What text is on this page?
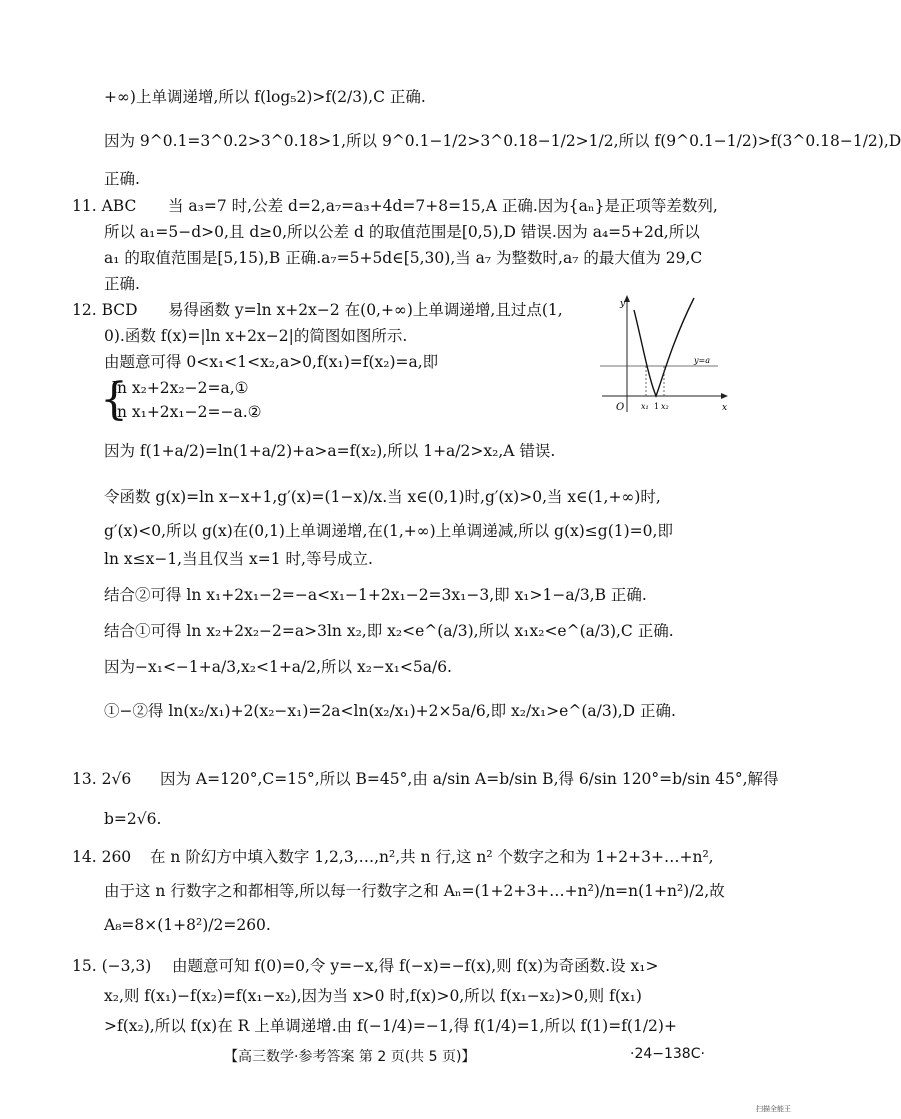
+∞)上单调递增,所以 f(log₅2)>f(2/3),C 正确.
因为 9^0.1=3^0.2>3^0.18>1,所以 9^0.1−1/2>3^0.18−1/2>1/2,所以 f(9^0.1−1/2)>f(3^0.18−1/2),D
正确.
11. ABC	当 a₃=7 时,公差 d=2,a₇=a₃+4d=7+8=15,A 正确.因为{aₙ}是正项等差数列,
所以 a₁=5−d>0,且 d≥0,所以公差 d 的取值范围是[0,5),D 错误.因为 a₄=5+2d,所以
a₁ 的取值范围是[5,15),B 正确.a₇=5+5d∈[5,30),当 a₇ 为整数时,a₇ 的最大值为 29,C
正确.
12. BCD	易得函数 y=ln x+2x−2 在(0,+∞)上单调递增,且过点(1,
0).函数 f(x)=|ln x+2x−2|的简图如图所示.
由题意可得 0<x₁<1<x₂,a>0,f(x₁)=f(x₂)=a,即
ln x₂+2x₂−2=a,①
ln x₁+2x₁−2=−a.②
{
因为 f(1+a/2)=ln(1+a/2)+a>a=f(x₂),所以 1+a/2>x₂,A 错误.
令函数 g(x)=ln x−x+1,g′(x)=(1−x)/x.当 x∈(0,1)时,g′(x)>0,当 x∈(1,+∞)时,
g′(x)<0,所以 g(x)在(0,1)上单调递增,在(1,+∞)上单调递减,所以 g(x)≤g(1)=0,即
ln x≤x−1,当且仅当 x=1 时,等号成立.
结合②可得 ln x₁+2x₁−2=−a<x₁−1+2x₁−2=3x₁−3,即 x₁>1−a/3,B 正确.
结合①可得 ln x₂+2x₂−2=a>3ln x₂,即 x₂<e^(a/3),所以 x₁x₂<e^(a/3),C 正确.
因为−x₁<−1+a/3,x₂<1+a/2,所以 x₂−x₁<5a/6.
①−②得 ln(x₂/x₁)+2(x₂−x₁)=2a<ln(x₂/x₁)+2×5a/6,即 x₂/x₁>e^(a/3),D 正确.
13. 2√6	因为 A=120°,C=15°,所以 B=45°,由 a/sin A=b/sin B,得 6/sin 120°=b/sin 45°,解得
b=2√6.
14. 260	在 n 阶幻方中填入数字 1,2,3,…,n²,共 n 行,这 n² 个数字之和为 1+2+3+…+n²,
由于这 n 行数字之和都相等,所以每一行数字之和 Aₙ=(1+2+3+…+n²)/n=n(1+n²)/2,故
A₈=8×(1+8²)/2=260.
15. (−3,3)	由题意可知 f(0)=0,令 y=−x,得 f(−x)=−f(x),则 f(x)为奇函数.设 x₁>
x₂,则 f(x₁)−f(x₂)=f(x₁−x₂),因为当 x>0 时,f(x)>0,所以 f(x₁−x₂)>0,则 f(x₁)
>f(x₂),所以 f(x)在 R 上单调递增.由 f(−1/4)=−1,得 f(1/4)=1,所以 f(1)=f(1/2)+
y
x
O x₁ 1 x₂
y=a
【高三数学·参考答案 第 2 页(共 5 页)】	·24−138C·
扫描全能王
